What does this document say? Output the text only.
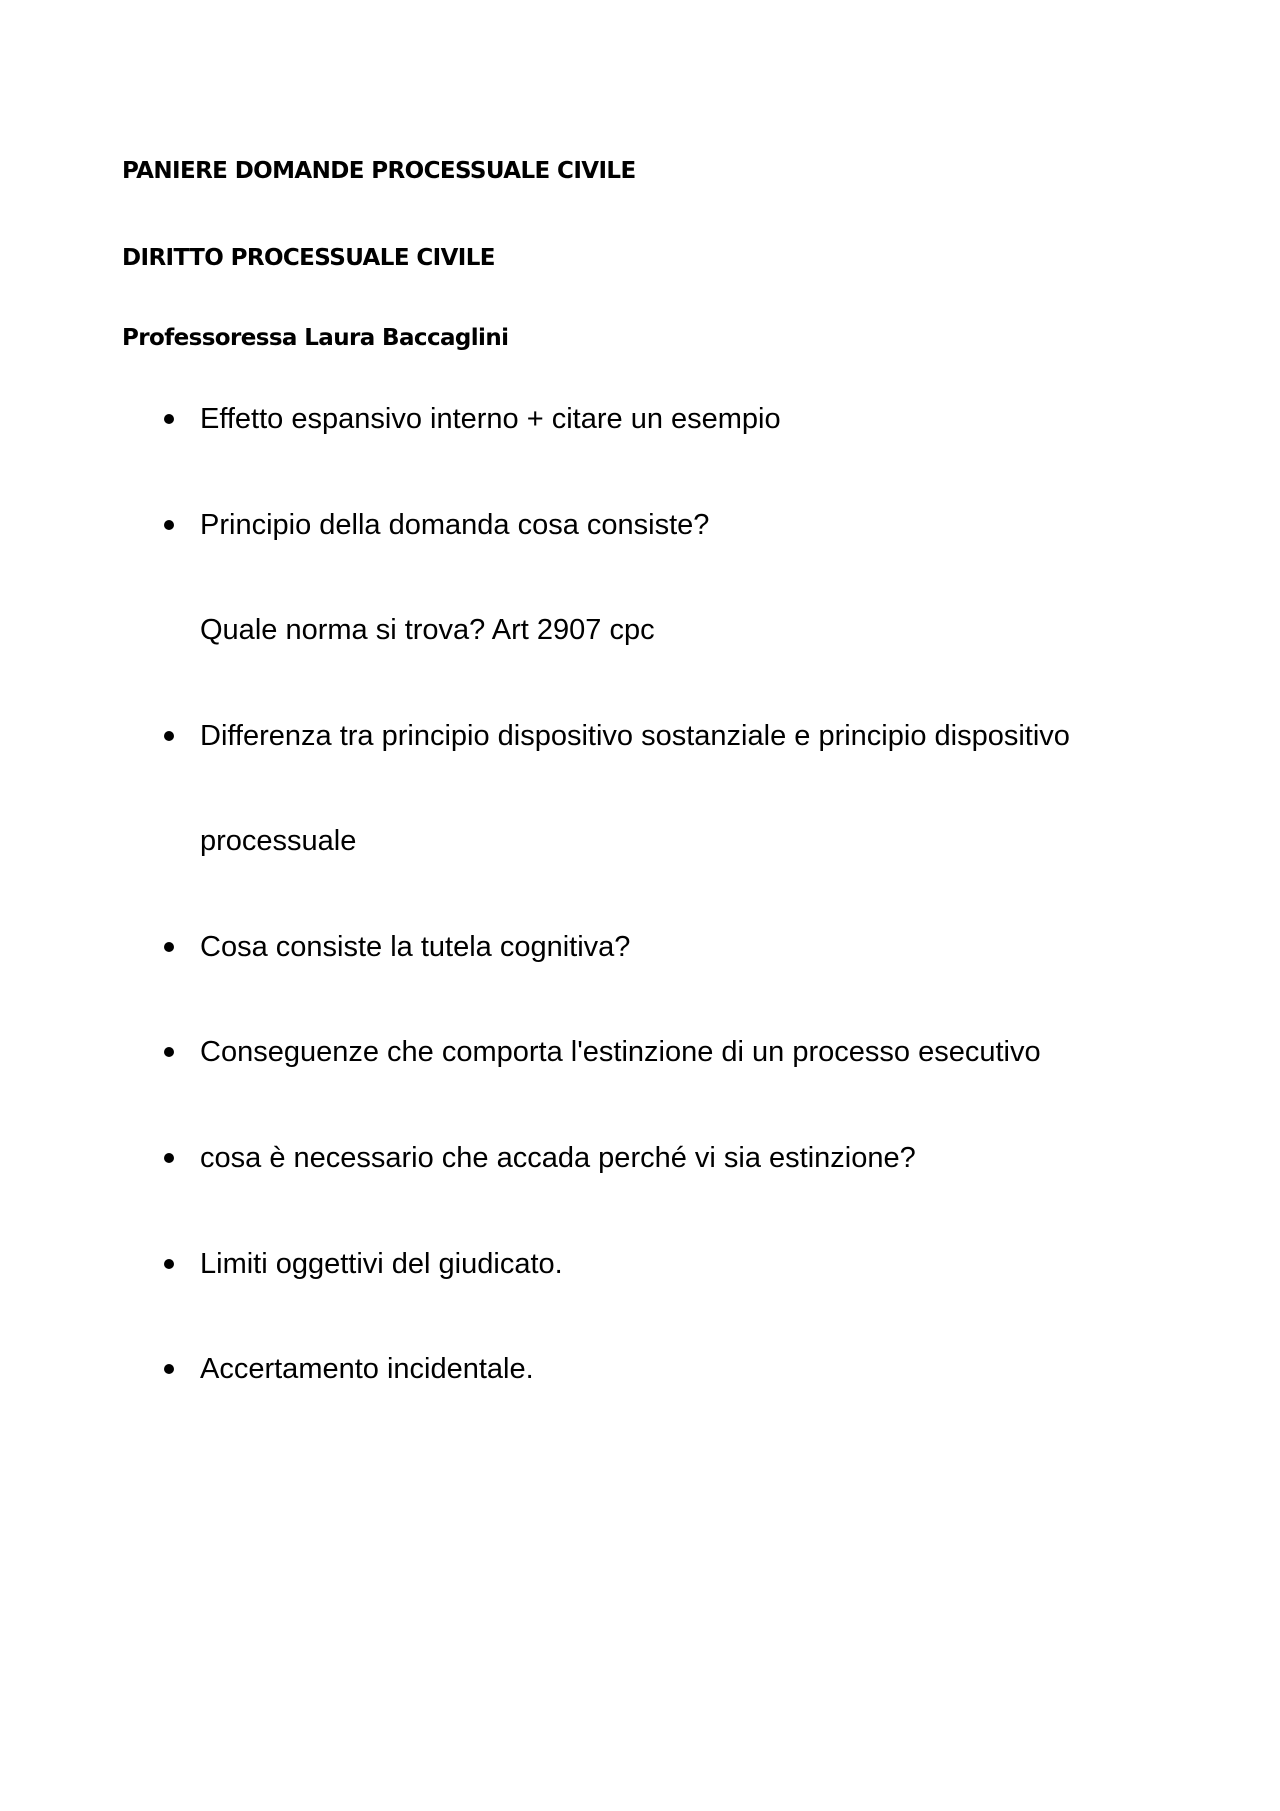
PANIERE DOMANDE PROCESSUALE CIVILE
DIRITTO PROCESSUALE CIVILE
Professoressa Laura Baccaglini
Effetto espansivo interno + citare un esempio
Principio della domanda cosa consiste?
Quale norma si trova? Art 2907 cpc
Differenza tra principio dispositivo sostanziale e principio dispositivo
processuale
Cosa consiste la tutela cognitiva?
Conseguenze che comporta l'estinzione di un processo esecutivo
cosa è necessario che accada perché vi sia estinzione?
Limiti oggettivi del giudicato.
Accertamento incidentale.
